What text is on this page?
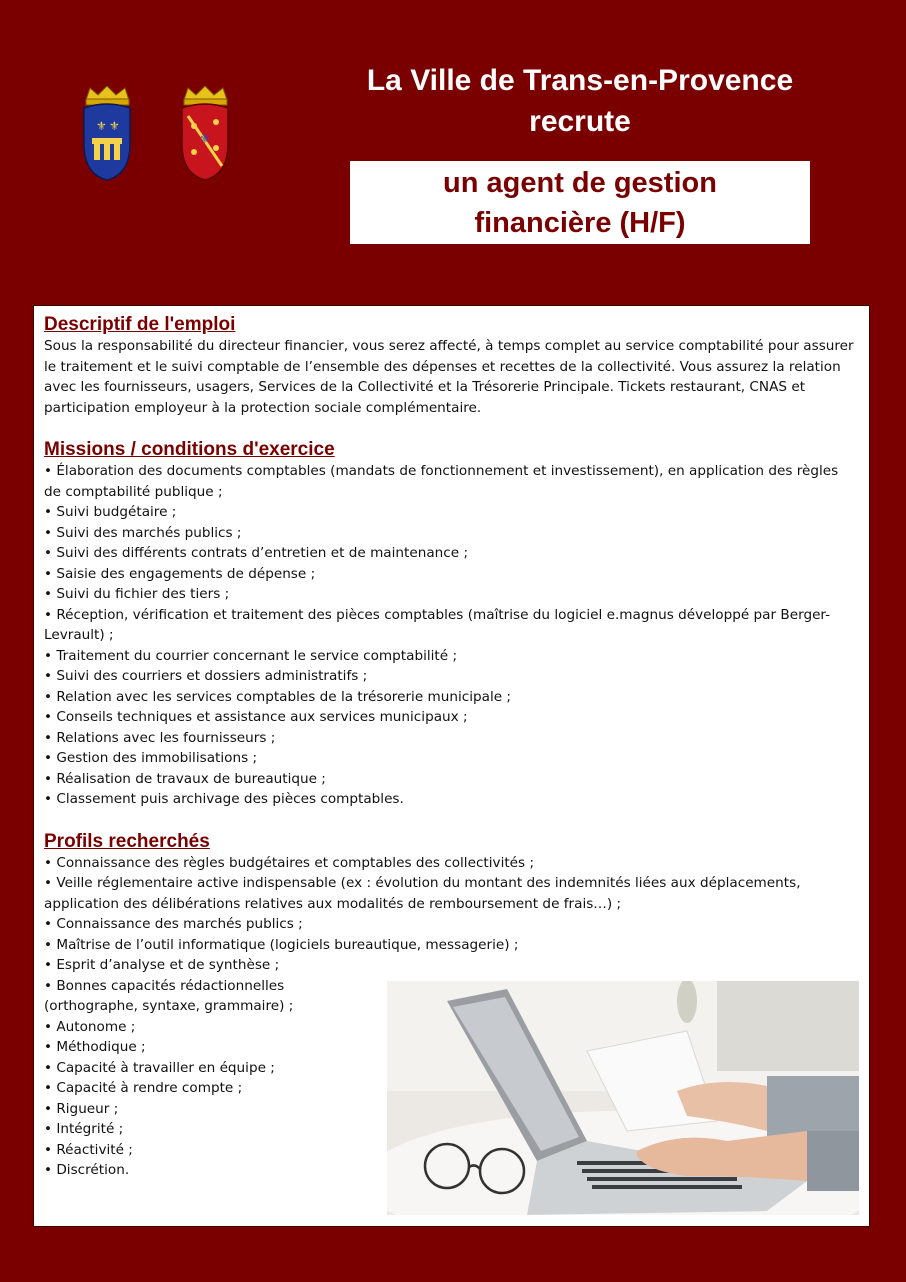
⚜ ⚜
⚜
La Ville de Trans-en-Provence
recrute
un agent de gestion
financière (H/F)
Descriptif de l'emploi

Sous la responsabilité du directeur financier, vous serez affecté, à temps complet au service comptabilité pour assurer le traitement et le suivi comptable de l’ensemble des dépenses et recettes de la collectivité. Vous assurez la relation avec les fournisseurs, usagers, Services de la Collectivité et la Trésorerie Principale. Tickets restaurant, CNAS et participation employeur à la protection sociale complémentaire.

Missions / conditions d'exercice
• Élaboration des documents comptables (mandats de fonctionnement et investissement), en application des règles de comptabilité publique ;
• Suivi budgétaire ;
• Suivi des marchés publics ;
• Suivi des différents contrats d’entretien et de maintenance ;
• Saisie des engagements de dépense ;
• Suivi du fichier des tiers ;
• Réception, vérification et traitement des pièces comptables (maîtrise du logiciel e.magnus développé par Berger-Levrault) ;
• Traitement du courrier concernant le service comptabilité ;
• Suivi des courriers et dossiers administratifs ;
• Relation avec les services comptables de la trésorerie municipale ;
• Conseils techniques et assistance aux services municipaux ;
• Relations avec les fournisseurs ;
• Gestion des immobilisations ;
• Réalisation de travaux de bureautique ;
• Classement puis archivage des pièces comptables.
Profils recherchés
• Connaissance des règles budgétaires et comptables des collectivités ;
• Veille réglementaire active indispensable (ex : évolution du montant des indemnités liées aux déplacements, application des délibérations relatives aux modalités de remboursement de frais…) ;
• Connaissance des marchés publics ;
• Maîtrise de l’outil informatique (logiciels bureautique, messagerie) ;
• Esprit d’analyse et de synthèse ;
• Bonnes capacités rédactionnelles (orthographe, syntaxe, grammaire) ;
• Autonome ;
• Méthodique ;
• Capacité à travailler en équipe ;
• Capacité à rendre compte ;
• Rigueur ;
• Intégrité ;
• Réactivité ;
• Discrétion.
